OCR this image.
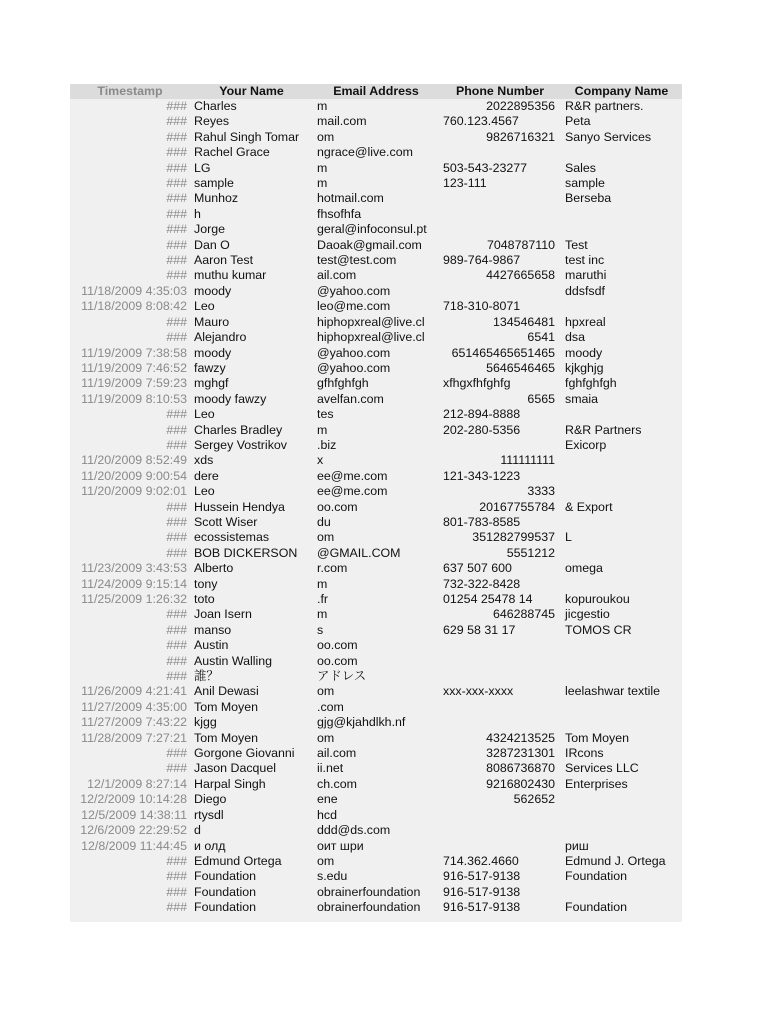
Timestamp	Your Name	Email Address	Phone Number	Company Name
###	Charles	m	2022895356	R&R partners.
###	Reyes	mail.com	760.123.4567	Peta
###	Rahul Singh Tomar	om	9826716321	Sanyo Services
###	Rachel Grace	ngrace@live.com		
###	LG	m	503-543-23277	Sales
###	sample	m	123-111	sample
###	Munhoz	hotmail.com		Berseba
###	h	fhsofhfa		
###	Jorge	geral@infoconsul.pt		
###	Dan O	Daoak@gmail.com	7048787110	Test
###	Aaron Test	test@test.com	989-764-9867	test inc
###	muthu kumar	ail.com	4427665658	maruthi
11/18/2009 4:35:03	moody	@yahoo.com		ddsfsdf
11/18/2009 8:08:42	Leo	leo@me.com	718-310-8071	
###	Mauro	hiphopxreal@live.cl	134546481	hpxreal
###	Alejandro	hiphopxreal@live.cl	6541	dsa
11/19/2009 7:38:58	moody	@yahoo.com	651465465651465	moody
11/19/2009 7:46:52	fawzy	@yahoo.com	5646546465	kjkghjg
11/19/2009 7:59:23	mghgf	gfhfghfgh	xfhgxfhfghfg	fghfghfgh
11/19/2009 8:10:53	moody fawzy	avelfan.com	6565	smaia
###	Leo	tes	212-894-8888	
###	Charles Bradley	m	202-280-5356	R&R Partners
###	Sergey Vostrikov	.biz		Exicorp
11/20/2009 8:52:49	xds	x	111111111	
11/20/2009 9:00:54	dere	ee@me.com	121-343-1223	
11/20/2009 9:02:01	Leo	ee@me.com	3333	
###	Hussein Hendya	oo.com	20167755784	& Export
###	Scott Wiser	du	801-783-8585	
###	ecossistemas	om	351282799537	L
###	BOB DICKERSON	@GMAIL.COM	5551212	
11/23/2009 3:43:53	Alberto	r.com	637 507 600	omega
11/24/2009 9:15:14	tony	m	732-322-8428	
11/25/2009 1:26:32	toto	.fr	01254 25478 14	kopuroukou
###	Joan Isern	m	646288745	jicgestio
###	manso	s	629 58 31 17	TOMOS CR
###	Austin	oo.com		
###	Austin Walling	oo.com		
###	誰？	アドレス		
11/26/2009 4:21:41	Anil Dewasi	om	xxx-xxx-xxxx	leelashwar textile
11/27/2009 4:35:00	Tom Moyen	.com		
11/27/2009 7:43:22	kjgg	gjg@kjahdlkh.nf		
11/28/2009 7:27:21	Tom Moyen	om	4324213525	Tom Moyen
###	Gorgone Giovanni	ail.com	3287231301	IRcons
###	Jason Dacquel	ii.net	8086736870	Services LLC
12/1/2009 8:27:14	Harpal Singh	ch.com	9216802430	Enterprises
12/2/2009 10:14:28	Diego	ene	562652	
12/5/2009 14:38:11	rtysdl	hcd		
12/6/2009 22:29:52	d	ddd@ds.com		
12/8/2009 11:44:45	и олд	оит шри		риш
###	Edmund Ortega	om	714.362.4660	Edmund J. Ortega
###	Foundation	s.edu	916-517-9138	Foundation
###	Foundation	obrainerfoundation	916-517-9138	
###	Foundation	obrainerfoundation	916-517-9138	Foundation
